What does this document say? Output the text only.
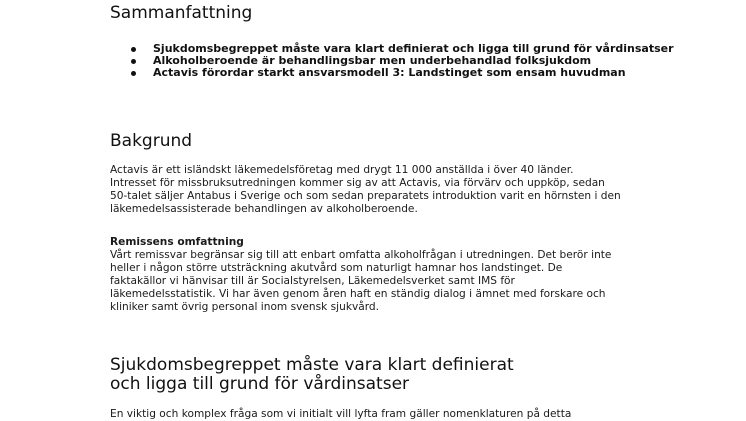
Sammanfattning
Sjukdomsbegreppet måste vara klart definierat och ligga till grund för vårdinsatser
Alkoholberoende är behandlingsbar men underbehandlad folksjukdom
Actavis förordar starkt ansvarsmodell 3: Landstinget som ensam huvudman
Bakgrund

Actavis är ett isländskt läkemedelsföretag med drygt 11 000 anställda i över 40 länder.
Intresset för missbruksutredningen kommer sig av att Actavis, via förvärv och uppköp, sedan
50-talet säljer Antabus i Sverige och som sedan preparatets introduktion varit en hörnsten i den
läkemedelsassisterade behandlingen av alkoholberoende.

Remissens omfattning
Vårt remissvar begränsar sig till att enbart omfatta alkoholfrågan i utredningen. Det berör inte
heller i någon större utsträckning akutvård som naturligt hamnar hos landstinget. De
faktakällor vi hänvisar till är Socialstyrelsen, Läkemedelsverket samt IMS för
läkemedelsstatistik. Vi har även genom åren haft en ständig dialog i ämnet med forskare och
kliniker samt övrig personal inom svensk sjukvård.

Sjukdomsbegreppet måste vara klart definierat
och ligga till grund för vårdinsatser

En viktig och komplex fråga som vi initialt vill lyfta fram gäller nomenklaturen på detta
